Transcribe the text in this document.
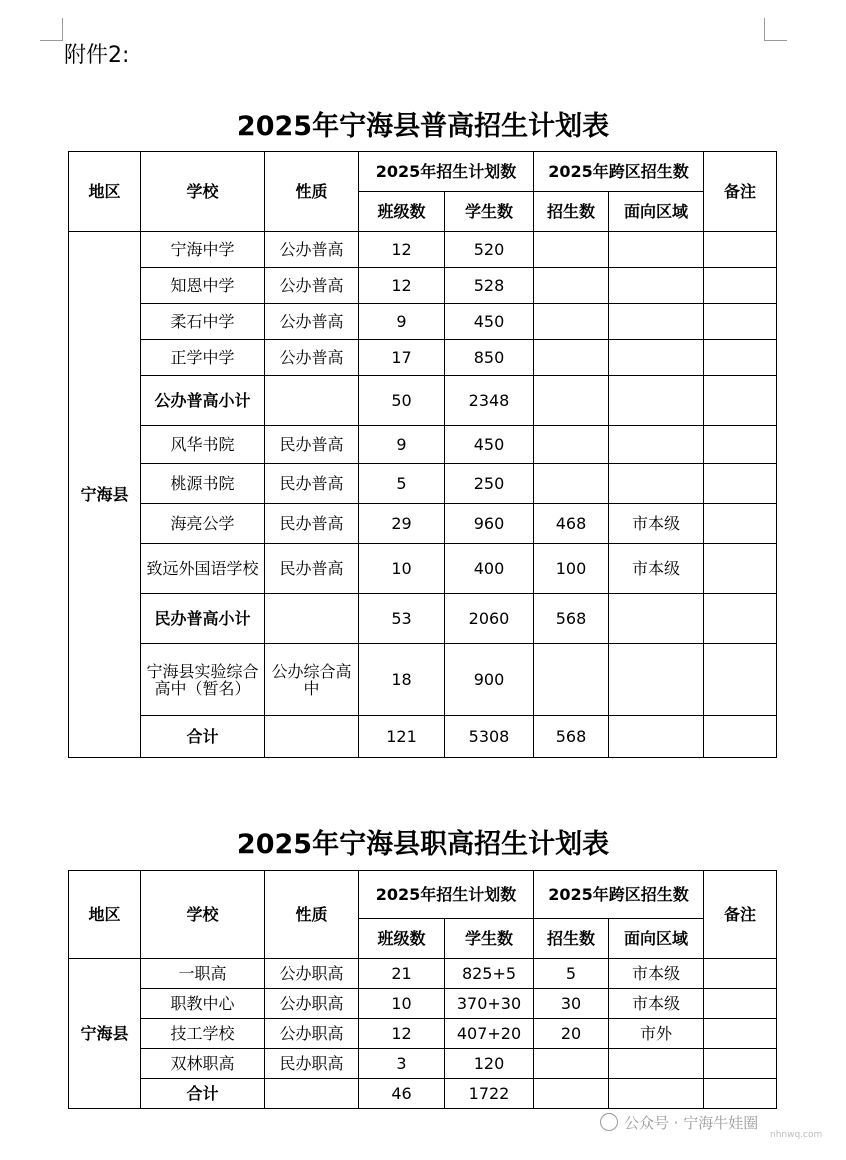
附件2:
2025年宁海县普高招生计划表
地区	学校	性质	2025年招生计划数		2025年跨区招生数		备注
			班级数	学生数	招生数	面向区域	
宁海县	宁海中学	公办普高	12	520			
	知恩中学	公办普高	12	528			
	柔石中学	公办普高	9	450			
	正学中学	公办普高	17	850			
	公办普高小计		50	2348			
	风华书院	民办普高	9	450			
	桃源书院	民办普高	5	250			
	海亮公学	民办普高	29	960	468	市本级	
	致远外国语学校	民办普高	10	400	100	市本级	
	民办普高小计		53	2060	568		
	宁海县实验综合高中（暂名）	公办综合高中	18	900			
	合计		121	5308	568		
2025年宁海县职高招生计划表
地区	学校	性质	2025年招生计划数		2025年跨区招生数		备注
			班级数	学生数	招生数	面向区域	
宁海县	一职高	公办职高	21	825+5	5	市本级	
	职教中心	公办职高	10	370+30	30	市本级	
	技工学校	公办职高	12	407+20	20	市外	
	双林职高	民办职高	3	120			
	合计		46	1722			
公众号 · 宁海牛娃圈
nhnwq.com
